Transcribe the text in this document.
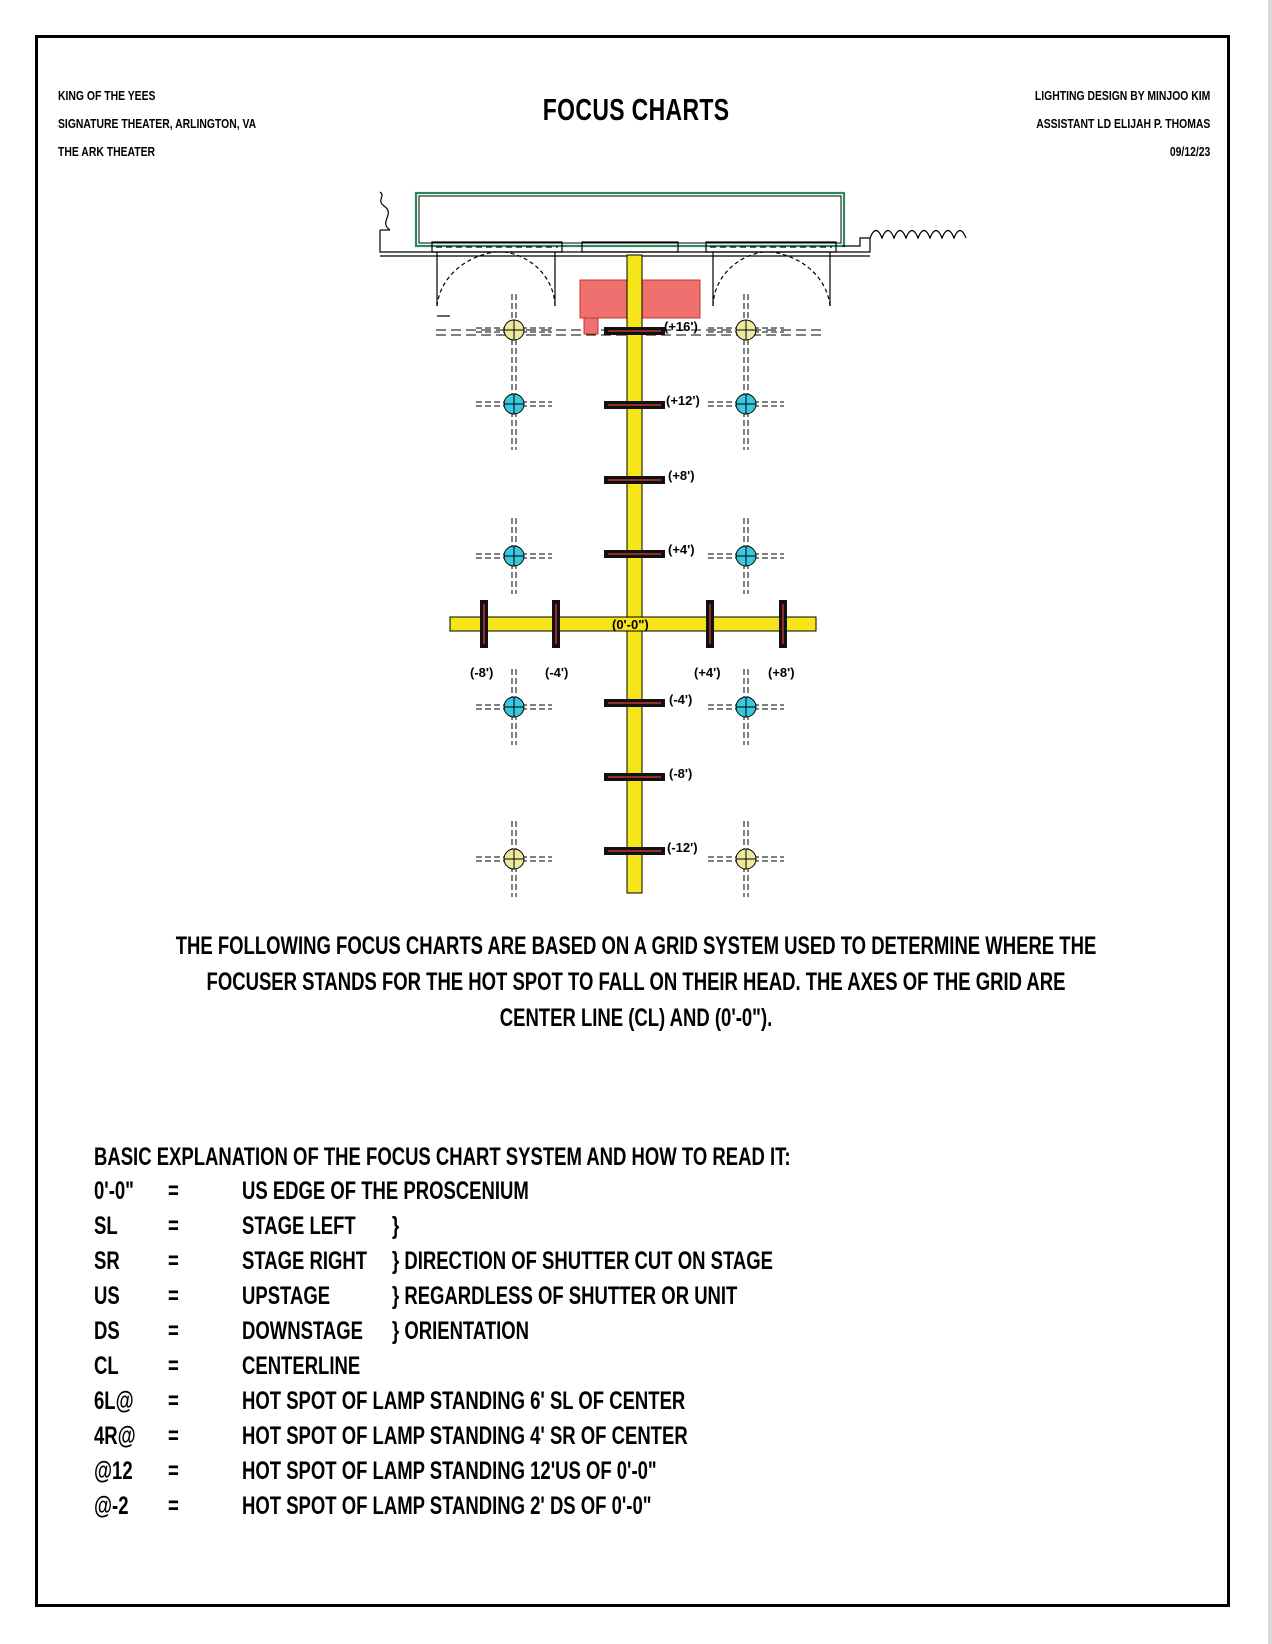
KING OF THE YEES
SIGNATURE THEATER, ARLINGTON, VA
THE ARK THEATER
FOCUS CHARTS	LIGHTING DESIGN BY MINJOO KIM
ASSISTANT LD ELIJAH P. THOMAS
09/12/23
(+16')
(+12')
(+8')
(+4')
(0'-0")
(-4')
(-8')
(-12')
(-8')	(-4')	(+4')	(+8')
THE FOLLOWING FOCUS CHARTS ARE BASED ON A GRID SYSTEM USED TO DETERMINE WHERE THE
FOCUSER STANDS FOR THE HOT SPOT TO FALL ON THEIR HEAD. THE AXES OF THE GRID ARE
CENTER LINE (CL) AND (0'-0").
BASIC EXPLANATION OF THE FOCUS CHART SYSTEM AND HOW TO READ IT:
0'-0" =	US EDGE OF THE PROSCENIUM
SL =	STAGE LEFT }
SR =	STAGE RIGHT } DIRECTION OF SHUTTER CUT ON STAGE
US =	UPSTAGE } REGARDLESS OF SHUTTER OR UNIT
DS =	DOWNSTAGE } ORIENTATION
CL =	CENTERLINE
6L@ =	HOT SPOT OF LAMP STANDING 6' SL OF CENTER
4R@ =	HOT SPOT OF LAMP STANDING 4' SR OF CENTER
@12 =	HOT SPOT OF LAMP STANDING 12'US OF 0'-0"
@-2 =	HOT SPOT OF LAMP STANDING 2' DS OF 0'-0"
